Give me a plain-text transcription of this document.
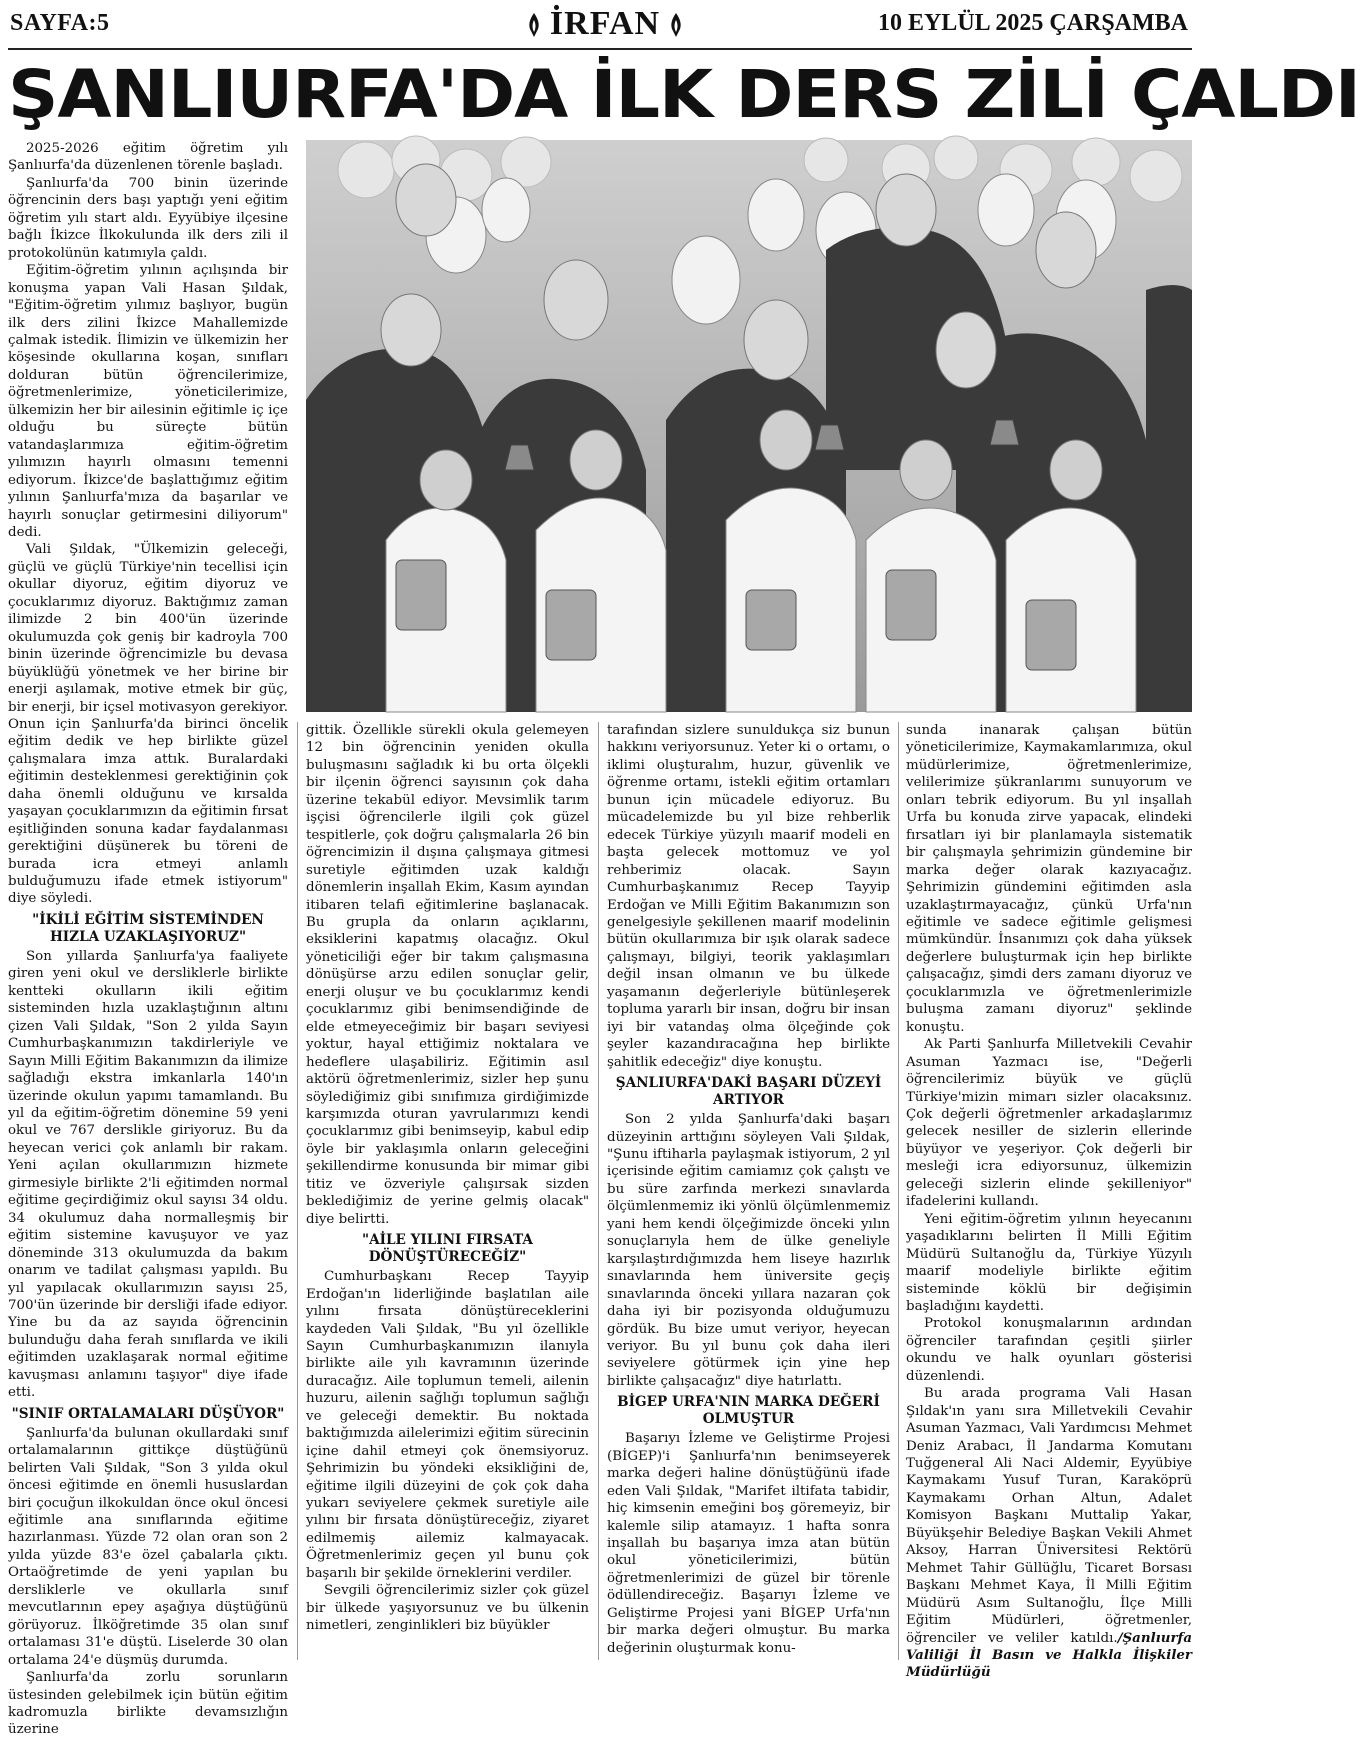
SAYFA:5	İRFAN	10 EYLÜL 2025 ÇARŞAMBA
ŞANLIURFA'DA İLK DERS ZİLİ ÇALDI

2025-2026 eğitim öğretim yılı Şanlıurfa'da düzenlenen törenle başladı.

Şanlıurfa'da 700 binin üzerinde öğrencinin ders başı yaptığı yeni eğitim öğretim yılı start aldı. Eyyübiye ilçesine bağlı İkizce İlkokulunda ilk ders zili il protokolünün katımıyla çaldı.

Eğitim-öğretim yılının açılışında bir konuşma yapan Vali Hasan Şıldak, "Eğitim-öğretim yılımız başlıyor, bugün ilk ders zilini İkizce Mahallemizde çalmak istedik. İlimizin ve ülkemizin her köşesinde okullarına koşan, sınıfları dolduran bütün öğrencilerimize, öğretmenlerimize, yöneticilerimize, ülkemizin her bir ailesinin eğitimle iç içe olduğu bu süreçte bütün vatandaşlarımıza eğitim-öğretim yılımızın hayırlı olmasını temenni ediyorum. İkizce'de başlattığımız eğitim yılının Şanlıurfa'mıza da başarılar ve hayırlı sonuçlar getirmesini diliyorum" dedi.

Vali Şıldak, "Ülkemizin geleceği, güçlü ve güçlü Türkiye'nin tecellisi için okullar diyoruz, eğitim diyoruz ve çocuklarımız diyoruz. Baktığımız zaman ilimizde 2 bin 400'ün üzerinde okulumuzda çok geniş bir kadroyla 700 binin üzerinde öğrencimizle bu devasa büyüklüğü yönetmek ve her birine bir enerji aşılamak, motive etmek bir güç, bir enerji, bir içsel motivasyon gerekiyor. Onun için Şanlıurfa'da birinci öncelik eğitim dedik ve hep birlikte güzel çalışmalara imza attık. Buralardaki eğitimin desteklenmesi gerektiğinin çok daha önemli olduğunu ve kırsalda yaşayan çocuklarımızın da eğitimin fırsat eşitliğinden sonuna kadar faydalanması gerektiğini düşünerek bu töreni de burada icra etmeyi anlamlı bulduğumuzu ifade etmek istiyorum" diye söyledi.

"İKİLİ EĞİTİM SİSTEMİNDEN HIZLA UZAKLAŞIYORUZ"

Son yıllarda Şanlıurfa'ya faaliyete giren yeni okul ve dersliklerle birlikte kentteki okulların ikili eğitim sisteminden hızla uzaklaştığının altını çizen Vali Şıldak, "Son 2 yılda Sayın Cumhurbaşkanımızın takdirleriyle ve Sayın Milli Eğitim Bakanımızın da ilimize sağladığı ekstra imkanlarla 140'ın üzerinde okulun yapımı tamamlandı. Bu yıl da eğitim-öğretim dönemine 59 yeni okul ve 767 derslikle giriyoruz. Bu da heyecan verici çok anlamlı bir rakam. Yeni açılan okullarımızın hizmete girmesiyle birlikte 2'li eğitimden normal eğitime geçirdiğimiz okul sayısı 34 oldu. 34 okulumuz daha normalleşmiş bir eğitim sistemine kavuşuyor ve yaz döneminde 313 okulumuzda da bakım onarım ve tadilat çalışması yapıldı. Bu yıl yapılacak okullarımızın sayısı 25, 700'ün üzerinde bir dersliği ifade ediyor. Yine bu da az sayıda öğrencinin bulunduğu daha ferah sınıflarda ve ikili eğitimden uzaklaşarak normal eğitime kavuşması anlamını taşıyor" diye ifade etti.

"SINIF ORTALAMALARI DÜŞÜYOR"

Şanlıurfa'da bulunan okullardaki sınıf ortalamalarının gittikçe düştüğünü belirten Vali Şıldak, "Son 3 yılda okul öncesi eğitimde en önemli hususlardan biri çocuğun ilkokuldan önce okul öncesi eğitimle ana sınıflarında eğitime hazırlanması. Yüzde 72 olan oran son 2 yılda yüzde 83'e özel çabalarla çıktı. Ortaöğretimde de yeni yapılan bu dersliklerle ve okullarla sınıf mevcutlarının epey aşağıya düştüğünü görüyoruz. İlköğretimde 35 olan sınıf ortalaması 31'e düştü. Liselerde 30 olan ortalama 24'e düşmüş durumda.

Şanlıurfa'da zorlu sorunların üstesinden gelebilmek için bütün eğitim kadromuzla birlikte devamsızlığın üzerine

gittik. Özellikle sürekli okula gelemeyen 12 bin öğrencinin yeniden okulla buluşmasını sağladık ki bu orta ölçekli bir ilçenin öğrenci sayısının çok daha üzerine tekabül ediyor. Mevsimlik tarım işçisi öğrencilerle ilgili çok güzel tespitlerle, çok doğru çalışmalarla 26 bin öğrencimizin il dışına çalışmaya gitmesi suretiyle eğitimden uzak kaldığı dönemlerin inşallah Ekim, Kasım ayından itibaren telafi eğitimlerine başlanacak. Bu grupla da onların açıklarını, eksiklerini kapatmış olacağız. Okul yöneticiliği eğer bir takım çalışmasına dönüşürse arzu edilen sonuçlar gelir, enerji oluşur ve bu çocuklarımız kendi çocuklarımız gibi benimsendiğinde de elde etmeyeceğimiz bir başarı seviyesi yoktur, hayal ettiğimiz noktalara ve hedeflere ulaşabiliriz. Eğitimin asıl aktörü öğretmenlerimiz, sizler hep şunu söylediğimiz gibi sınıfımıza girdiğimizde karşımızda oturan yavrularımızı kendi çocuklarımız gibi benimseyip, kabul edip öyle bir yaklaşımla onların geleceğini şekillendirme konusunda bir mimar gibi titiz ve özveriyle çalışırsak sizden beklediğimiz de yerine gelmiş olacak" diye belirtti.

"AİLE YILINI FIRSATA DÖNÜŞTÜRECEĞİZ"

Cumhurbaşkanı Recep Tayyip Erdoğan'ın liderliğinde başlatılan aile yılını fırsata dönüştüreceklerini kaydeden Vali Şıldak, "Bu yıl özellikle Sayın Cumhurbaşkanımızın ilanıyla birlikte aile yılı kavramının üzerinde duracağız. Aile toplumun temeli, ailenin huzuru, ailenin sağlığı toplumun sağlığı ve geleceği demektir. Bu noktada baktığımızda ailelerimizi eğitim sürecinin içine dahil etmeyi çok önemsiyoruz. Şehrimizin bu yöndeki eksikliğini de, eğitime ilgili düzeyini de çok çok daha yukarı seviyelere çekmek suretiyle aile yılını bir fırsata dönüştüreceğiz, ziyaret edilmemiş ailemiz kalmayacak. Öğretmenlerimiz geçen yıl bunu çok başarılı bir şekilde örneklerini verdiler.

Sevgili öğrencilerimiz sizler çok güzel bir ülkede yaşıyorsunuz ve bu ülkenin nimetleri, zenginlikleri biz büyükler

tarafından sizlere sunuldukça siz bunun hakkını veriyorsunuz. Yeter ki o ortamı, o iklimi oluşturalım, huzur, güvenlik ve öğrenme ortamı, istekli eğitim ortamları bunun için mücadele ediyoruz. Bu mücadelemizde bu yıl bize rehberlik edecek Türkiye yüzyılı maarif modeli en başta gelecek mottomuz ve yol rehberimiz olacak. Sayın Cumhurbaşkanımız Recep Tayyip Erdoğan ve Milli Eğitim Bakanımızın son genelgesiyle şekillenen maarif modelinin bütün okullarımıza bir ışık olarak sadece çalışmayı, bilgiyi, teorik yaklaşımları değil insan olmanın ve bu ülkede yaşamanın değerleriyle bütünleşerek topluma yararlı bir insan, doğru bir insan iyi bir vatandaş olma ölçeğinde çok şeyler kazandıracağına hep birlikte şahitlik edeceğiz" diye konuştu.

ŞANLIURFA'DAKİ BAŞARI DÜZEYİ ARTIYOR

Son 2 yılda Şanlıurfa'daki başarı düzeyinin arttığını söyleyen Vali Şıldak, "Şunu iftiharla paylaşmak istiyorum, 2 yıl içerisinde eğitim camiamız çok çalıştı ve bu süre zarfında merkezi sınavlarda ölçümlenmemiz iki yönlü ölçümlenmemiz yani hem kendi ölçeğimizde önceki yılın sonuçlarıyla hem de ülke geneliyle karşılaştırdığımızda hem liseye hazırlık sınavlarında hem üniversite geçiş sınavlarında önceki yıllara nazaran çok daha iyi bir pozisyonda olduğumuzu gördük. Bu bize umut veriyor, heyecan veriyor. Bu yıl bunu çok daha ileri seviyelere götürmek için yine hep birlikte çalışacağız" diye hatırlattı.

BİGEP URFA'NIN MARKA DEĞERİ OLMUŞTUR

Başarıyı İzleme ve Geliştirme Projesi (BİGEP)'i Şanlıurfa'nın benimseyerek marka değeri haline dönüştüğünü ifade eden Vali Şıldak, "Marifet iltifata tabidir, hiç kimsenin emeğini boş göremeyiz, bir kalemle silip atamayız. 1 hafta sonra inşallah bu başarıya imza atan bütün okul yöneticilerimizi, bütün öğretmenlerimizi de güzel bir törenle ödüllendireceğiz. Başarıyı İzleme ve Geliştirme Projesi yani BİGEP Urfa'nın bir marka değeri olmuştur. Bu marka değerinin oluşturmak konu-

sunda inanarak çalışan bütün yöneticilerimize, Kaymakamlarımıza, okul müdürlerimize, öğretmenlerimize, velilerimize şükranlarımı sunuyorum ve onları tebrik ediyorum. Bu yıl inşallah Urfa bu konuda zirve yapacak, elindeki fırsatları iyi bir planlamayla sistematik bir çalışmayla şehrimizin gündemine bir marka değer olarak kazıyacağız. Şehrimizin gündemini eğitimden asla uzaklaştırmayacağız, çünkü Urfa'nın eğitimle ve sadece eğitimle gelişmesi mümkündür. İnsanımızı çok daha yüksek değerlere buluşturmak için hep birlikte çalışacağız, şimdi ders zamanı diyoruz ve çocuklarımızla ve öğretmenlerimizle buluşma zamanı diyoruz" şeklinde konuştu.

Ak Parti Şanlıurfa Milletvekili Cevahir Asuman Yazmacı ise, "Değerli öğrencilerimiz büyük ve güçlü Türkiye'mizin mimarı sizler olacaksınız. Çok değerli öğretmenler arkadaşlarımız gelecek nesiller de sizlerin ellerinde büyüyor ve yeşeriyor. Çok değerli bir mesleği icra ediyorsunuz, ülkemizin geleceği sizlerin elinde şekilleniyor" ifadelerini kullandı.

Yeni eğitim-öğretim yılının heyecanını yaşadıklarını belirten İl Milli Eğitim Müdürü Sultanoğlu da, Türkiye Yüzyılı maarif modeliyle birlikte eğitim sisteminde köklü bir değişimin başladığını kaydetti.

Protokol konuşmalarının ardından öğrenciler tarafından çeşitli şiirler okundu ve halk oyunları gösterisi düzenlendi.

Bu arada programa Vali Hasan Şıldak'ın yanı sıra Milletvekili Cevahir Asuman Yazmacı, Vali Yardımcısı Mehmet Deniz Arabacı, İl Jandarma Komutanı Tuğgeneral Ali Naci Aldemir, Eyyübiye Kaymakamı Yusuf Turan, Karaköprü Kaymakamı Orhan Altun, Adalet Komisyon Başkanı Muttalip Yakar, Büyükşehir Belediye Başkan Vekili Ahmet Aksoy, Harran Üniversitesi Rektörü Mehmet Tahir Güllüğlu, Ticaret Borsası Başkanı Mehmet Kaya, İl Milli Eğitim Müdürü Asım Sultanoğlu, İlçe Milli Eğitim Müdürleri, öğretmenler, öğrenciler ve veliler katıldı./Şanlıurfa Valiliği İl Basın ve Halkla İlişkiler Müdürlüğü
